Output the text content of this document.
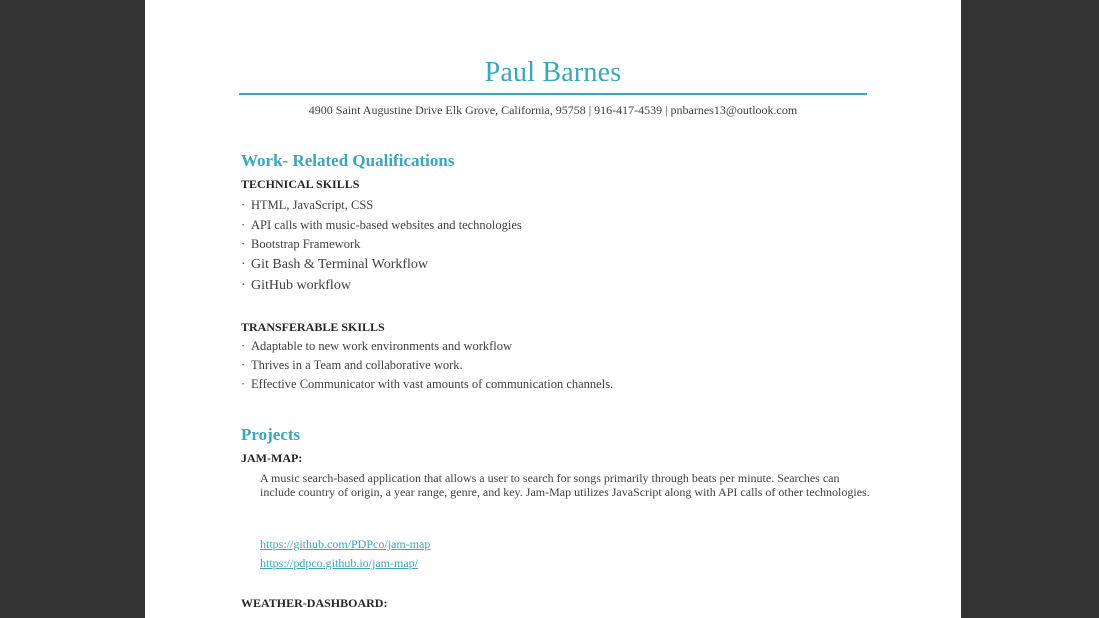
Paul Barnes
4900 Saint Augustine Drive Elk Grove, California, 95758 | 916-417-4539 | pnbarnes13@outlook.com
Work- Related Qualifications
TECHNICAL SKILLS
· HTML, JavaScript, CSS
· API calls with music-based websites and technologies
· Bootstrap Framework
· Git Bash & Terminal Workflow
· GitHub workflow
TRANSFERABLE SKILLS
· Adaptable to new work environments and workflow
· Thrives in a Team and collaborative work.
· Effective Communicator with vast amounts of communication channels.
Projects
JAM-MAP:
A music search-based application that allows a user to search for songs primarily through beats per minute. Searches can include country of origin, a year range, genre, and key. Jam-Map utilizes JavaScript along with API calls of other technologies.
https://github.com/PDPco/jam-map
https://pdpco.github.io/jam-map/
WEATHER-DASHBOARD:
